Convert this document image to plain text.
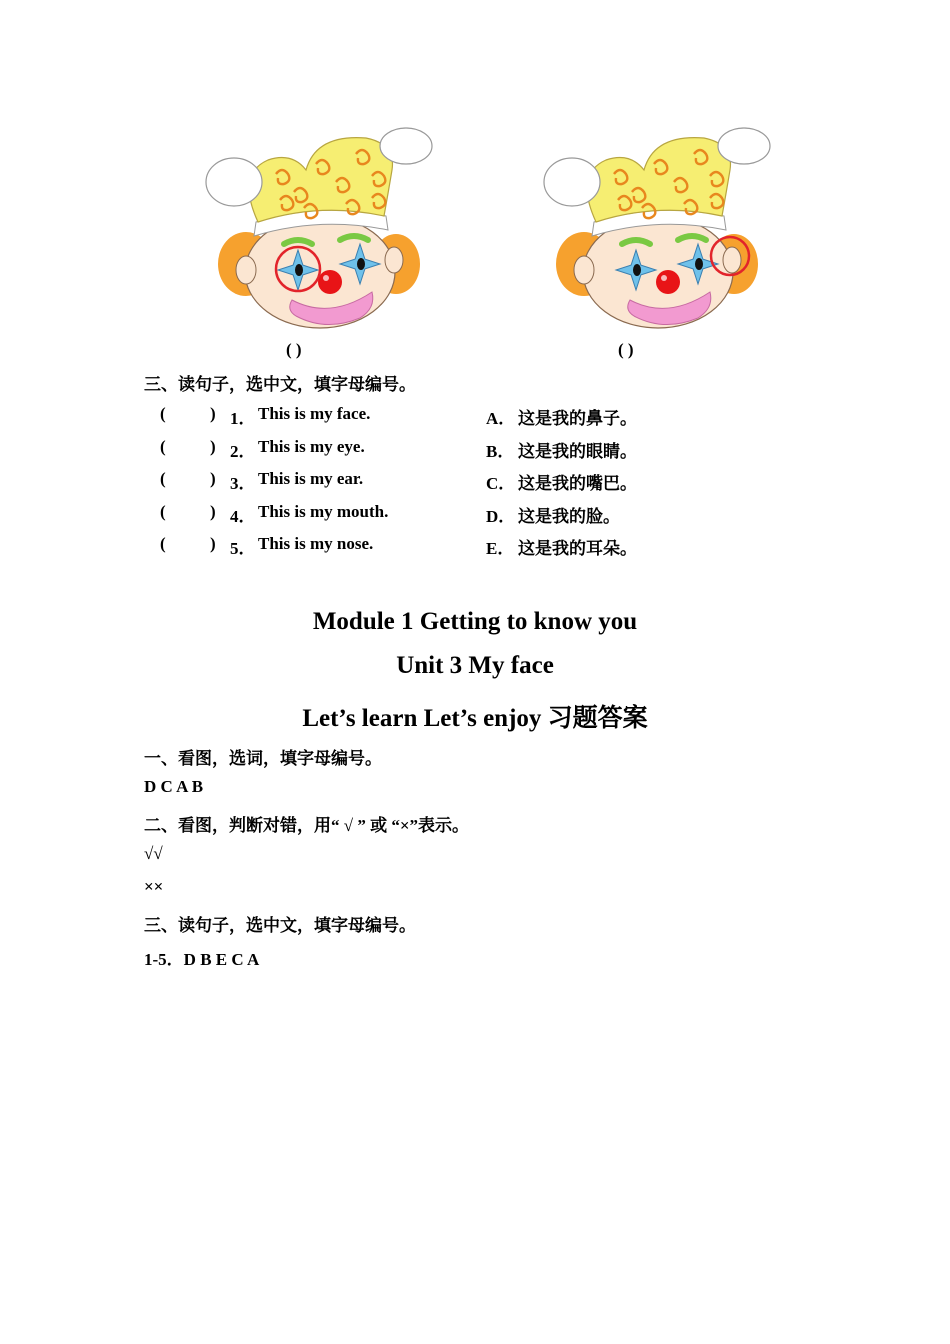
( )	( )
三、读句子，选中文，填字母编号。
(	) 1． This is my face.
(	) 2． This is my eye.
(	) 3． This is my ear.
(	) 4． This is my mouth.
(	) 5． This is my nose.
A． 这是我的鼻子。
B． 这是我的眼睛。
C． 这是我的嘴巴。
D． 这是我的脸。
E． 这是我的耳朵。
Module 1 Getting to know you
Unit 3 My face
Let’s learn Let’s enjoy 习题答案
一、看图，选词，填字母编号。
D C A B
二、看图，判断对错，用“ √ ” 或 “×”表示。
√√
××
三、读句子，选中文，填字母编号。
1-5．D B E C A
